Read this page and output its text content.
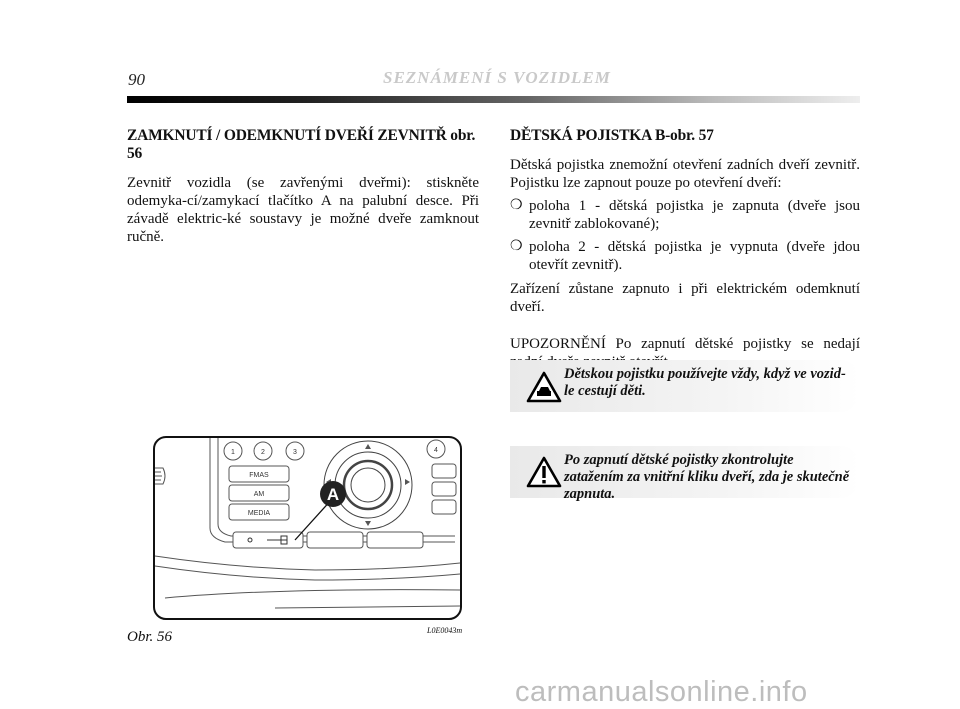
90	SEZNÁMENÍ S VOZIDLEM
ZAMKNUTÍ / ODEMKNUTÍ DVEŘÍ ZEVNITŘ obr. 56

Zevnitř vozidla (se zavřenými dveřmi): stiskněte odemyka-cí/zamykací tlačítko A na palubní desce. Při závadě elektric-ké soustavy je možné dveře zamknout ručně.

DĚTSKÁ POJISTKA B-obr. 57

Dětská pojistka znemožní otevření zadních dveří zevnitř. Pojistku lze zapnout pouze po otevření dveří:

❍ poloha 1 - dětská pojistka je zapnuta (dveře jsou zevnitř zablokované);
❍ poloha 2 - dětská pojistka je vypnuta (dveře jdou otevřít zevnitř).

Zařízení zůstane zapnuto i při elektrickém odemknutí dveří.

UPOZORNĚNÍ Po zapnutí dětské pojistky se nedají

Dětskou pojistku používejte vždy, když ve vozid-le cestují děti.
Po zapnutí dětské pojistky zkontrolujte zatažením za vnitřní kliku dveří, zda je skutečně zapnuta.
1	2	3	4
FMAS
AM
MEDIA
A
Obr. 56	L0E0043m
carmanualsonline.info
